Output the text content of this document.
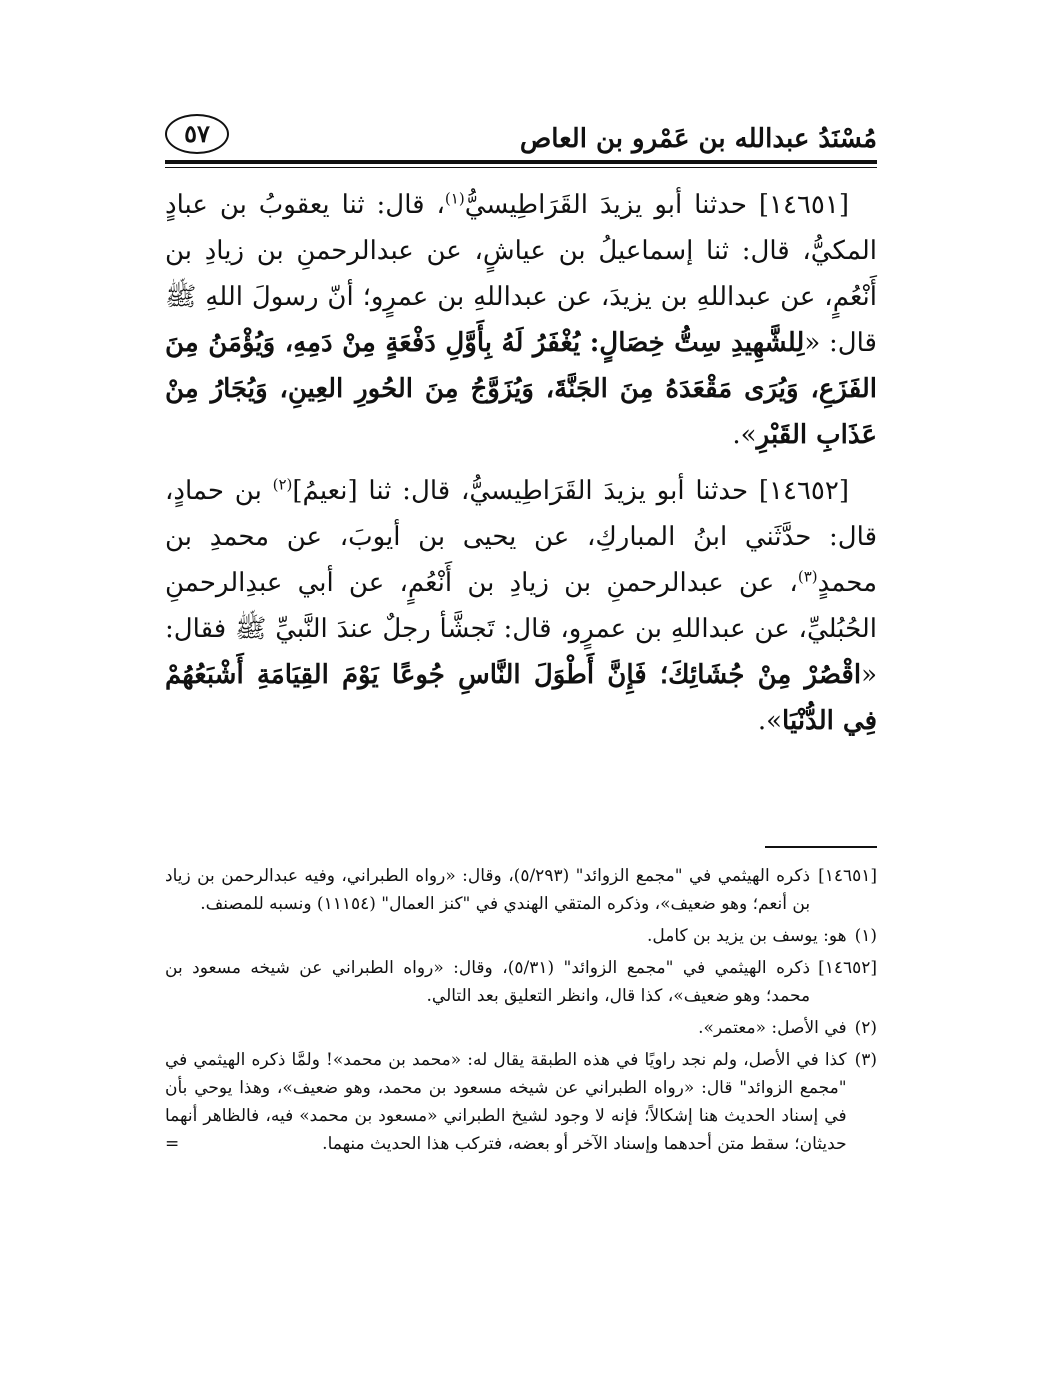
مُسْنَدُ عبدالله بن عَمْرو بن العاص
٥٧

[١٤٦٥١] حدثنا أبو يزيدَ القَرَاطِيسيُّ$^{(١)}$، قال: ثنا يعقوبُ بن عبادٍ المكيُّ، قال: ثنا إسماعيلُ بن عياشٍ، عن عبدالرحمنِ بن زيادِ بن أَنْعُمٍ، عن عبداللهِ بن يزيدَ، عن عبداللهِ بن عمرٍو؛ أنّ رسولَ اللهِ ﷺ قال: «لِلشَّهِيدِ سِتُّ خِصَالٍ: يُغْفَرُ لَهُ بِأَوَّلِ دَفْعَةٍ مِنْ دَمِهِ، وَيُؤْمَنُ مِنَ الفَزَعِ، وَيُرَى مَقْعَدَهُ مِنَ الجَنَّةَ، وَيُزَوَّجُ مِنَ الحُورِ العِينِ، وَيُجَارُ مِنْ عَذَابِ القَبْرِ».

[١٤٦٥٢] حدثنا أبو يزيدَ القَرَاطِيسيُّ، قال: ثنا [نعيمُ]$^{(٢)}$ بن حمادٍ، قال: حدَّثَني ابنُ المباركِ، عن يحيى بن أيوبَ، عن محمدِ بن محمدٍ$^{(٣)}$، عن عبدالرحمنِ بن زيادِ بن أَنْعُمٍ، عن أبي عبدِالرحمنِ الحُبُليِّ، عن عبداللهِ بن عمرٍو، قال: تَجشَّأ رجلٌ عندَ النَّبيِّ ﷺ فقال: «اقْصُرْ مِنْ جُشَائِكَ؛ فَإِنَّ أَطْوَلَ النَّاسِ جُوعًا يَوْمَ القِيَامَةِ أَشْبَعُهُمْ فِي الدُّنْيَا».

[١٤٦٥١]
ذكره الهيثمي في "مجمع الزوائد" (٥/٢٩٣)، وقال: «رواه الطبراني، وفيه عبدالرحمن بن زياد بن أنعم؛ وهو ضعيف»، وذكره المتقي الهندي في "كنز العمال" (١١١٥٤) ونسبه للمصنف.
(١)
هو: يوسف بن يزيد بن كامل.
[١٤٦٥٢]
ذكره الهيثمي في "مجمع الزوائد" (٥/٣١)، وقال: «رواه الطبراني عن شيخه مسعود بن محمد؛ وهو ضعيف»، كذا قال، وانظر التعليق بعد التالي.
(٢)
في الأصل: «معتمر».
(٣)
كذا في الأصل، ولم نجد راويًا في هذه الطبقة يقال له: «محمد بن محمد»! ولمَّا ذكره الهيثمي في "مجمع الزوائد" قال: «رواه الطبراني عن شيخه مسعود بن محمد، وهو ضعيف»، وهذا يوحي بأن في إسناد الحديث هنا إشكالاً؛ فإنه لا وجود لشيخ الطبراني «مسعود بن محمد» فيه، فالظاهر أنهما حديثان؛ سقط متن أحدهما وإسناد الآخر أو بعضه، فتركب هذا الحديث منهما.
=
